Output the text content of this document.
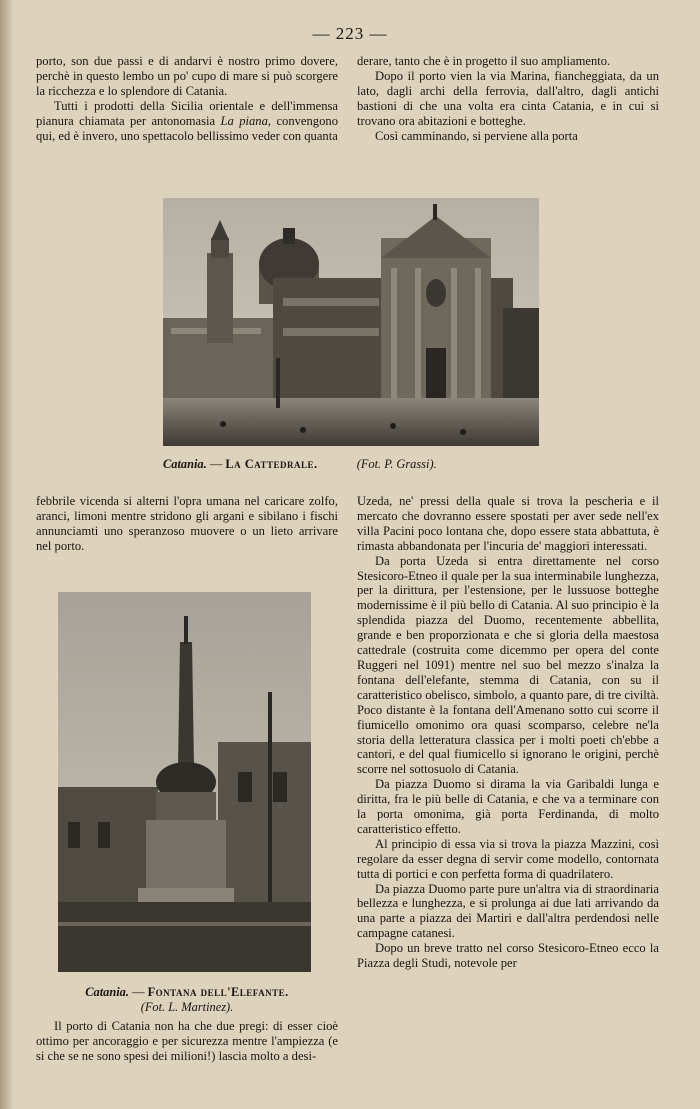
— 223 —

porto, son due passi e di andarvi è nostro primo dovere, perchè in questo lembo un po' cupo di mare si può scorgere la ricchezza e lo splendore di Catania.

Tutti i prodotti della Sicilia orientale e dell'immensa pianura chiamata per antonomasia La piana, convengono qui, ed è invero, uno spettacolo bellissimo veder con quanta

derare, tanto che è in progetto il suo ampliamento.

Dopo il porto vien la via Marina, fiancheggiata, da un lato, dagli archi della ferrovia, dall'altro, dagli antichi bastioni di che una volta era cinta Catania, e in cui si trovano ora abitazioni e botteghe.

Così camminando, si perviene alla porta

Catania. — La Cattedrale.	(Fot. P. Grassi).

febbrile vicenda si alterni l'opra umana nel caricare zolfo, aranci, limoni mentre stridono gli argani e sibilano i fischi annunciamti uno speranzoso muovere o un lieto arrivare nel porto.

Catania. — Fontana dell'Elefante.
(Fot. L. Martinez).

Il porto di Catania non ha che due pregi: di esser cioè ottimo per ancoraggio e per sicurezza mentre l'ampiezza (e si che se ne sono spesi dei milioni!) lascia molto a desi-

Uzeda, ne' pressi della quale si trova la pescheria e il mercato che dovranno essere spostati per aver sede nell'ex villa Pacini poco lontana che, dopo essere stata abbattuta, è rimasta abbandonata per l'incuria de' maggiori interessati.

Da porta Uzeda si entra direttamente nel corso Stesicoro-Etneo il quale per la sua interminabile lunghezza, per la dirittura, per l'estensione, per le lussuose botteghe modernissime è il più bello di Catania. Al suo principio è la splendida piazza del Duomo, recentemente abbellita, grande e ben proporzionata e che si gloria della maestosa cattedrale (costruita come dicemmo per opera del conte Ruggeri nel 1091) mentre nel suo bel mezzo s'inalza la fontana dell'elefante, stemma di Catania, con su il caratteristico obelisco, simbolo, a quanto pare, di tre civiltà. Poco distante è la fontana dell'Amenano sotto cui scorre il fiumicello omonimo ora quasi scomparso, celebre ne'la storia della letteratura classica per i molti poeti ch'ebbe a cantori, e del qual fiumicello si ignorano le origini, perchè scorre nel sottosuolo di Catania.

Da piazza Duomo si dirama la via Garibaldi lunga e diritta, fra le più belle di Catania, e che va a terminare con la porta omonima, già porta Ferdinanda, di molto caratteristico effetto.

Al principio di essa via si trova la piazza Mazzini, così regolare da esser degna di servir come modello, contornata tutta di portici e con perfetta forma di quadrilatero.

Da piazza Duomo parte pure un'altra via di straordinaria bellezza e lunghezza, e si prolunga ai due lati arrivando da una parte a piazza dei Martiri e dall'altra perdendosi nelle campagne catanesi.

Dopo un breve tratto nel corso Stesicoro-Etneo ecco la Piazza degli Studi, notevole per
